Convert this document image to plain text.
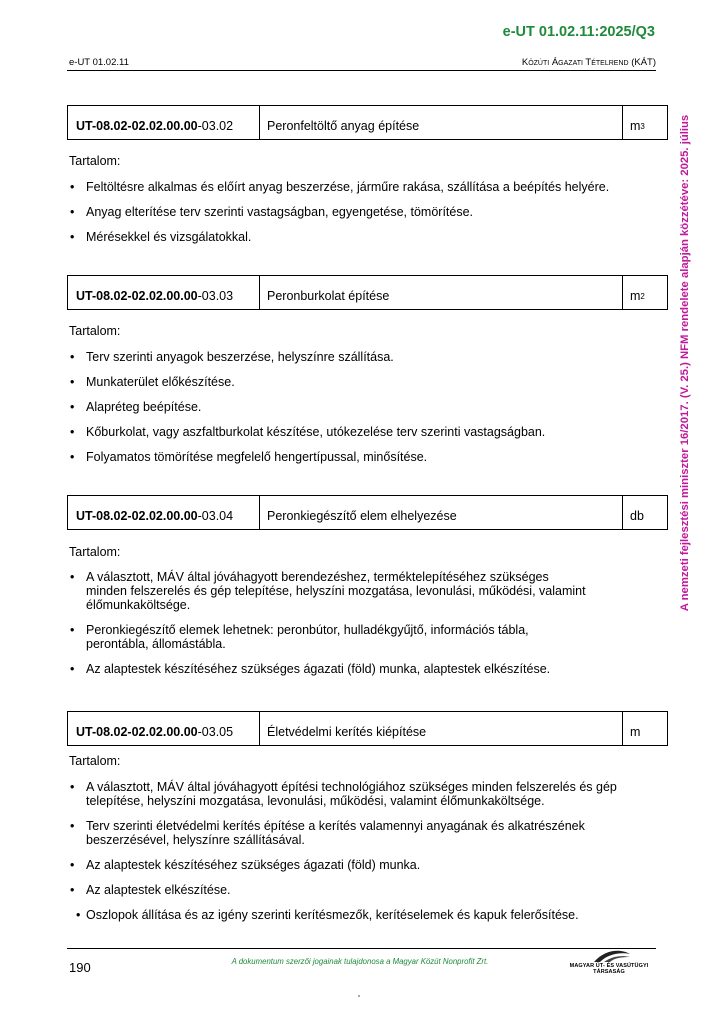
e-UT 01.02.11:2025/Q3
e-UT 01.02.11	Közúti Ágazati Tételrend (KÁT)
A nemzeti fejlesztési miniszter 16/2017. (V. 25.) NFM rendelete alapján közzétéve: 2025. július
UT-08.02-02.02.00.00 -03.02	Peronfeltöltő anyag építése	m 3
Tartalom:
• Feltöltésre alkalmas és előírt anyag beszerzése, járműre rakása, szállítása a beépítés helyére.
• Anyag elterítése terv szerinti vastagságban, egyengetése, tömörítése.
• Mérésekkel és vizsgálatokkal.
UT-08.02-02.02.00.00 -03.03	Peronburkolat építése	m 2
Tartalom:
• Terv szerinti anyagok beszerzése, helyszínre szállítása.
• Munkaterület előkészítése.
• Alapréteg beépítése.
• Kőburkolat, vagy aszfaltburkolat készítése, utókezelése terv szerinti vastagságban.
• Folyamatos tömörítése megfelelő hengertípussal, minősítése.
UT-08.02-02.02.00.00 -03.04	Peronkiegészítő elem elhelyezése	db
Tartalom:
• A választott, MÁV által jóváhagyott berendezéshez, terméktelepítéséhez szükséges minden felszerelés és gép telepítése, helyszíni mozgatása, levonulási, működési, valamint élőmunkaköltsége.
• Peronkiegészítő elemek lehetnek: peronbútor, hulladékgyűjtő, információs tábla, perontábla, állomástábla.
• Az alaptestek készítéséhez szükséges ágazati (föld) munka, alaptestek elkészítése.
UT-08.02-02.02.00.00 -03.05	Életvédelmi kerítés kiépítése	m
Tartalom:
• A választott, MÁV által jóváhagyott építési technológiához szükséges minden felszerelés és gép telepítése, helyszíni mozgatása, levonulási, működési, valamint élőmunkaköltsége.
• Terv szerinti életvédelmi kerítés építése a kerítés valamennyi anyagának és alkatrészének beszerzésével, helyszínre szállításával.
• Az alaptestek készítéséhez szükséges ágazati (föld) munka.
• Az alaptestek elkészítése.
• Oszlopok állítása és az igény szerinti kerítésmezők, kerítéselemek és kapuk felerősítése.
190	A dokumentum szerzői jogainak tulajdonosa a Magyar Közút Nonprofit Zrt.	MAGYAR ÚT- ÉS VASÚTÜGYI TÁRSASÁG
